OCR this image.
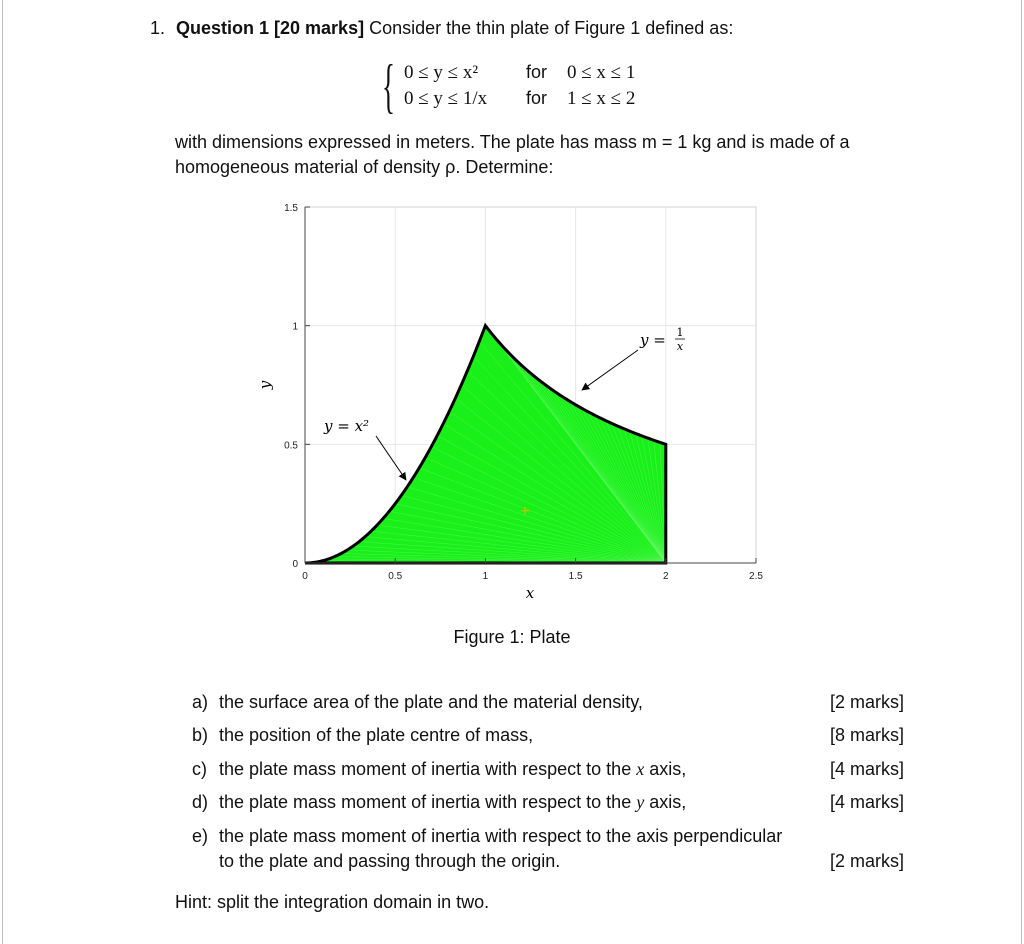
1. Question 1 [20 marks] Consider the thin plate of Figure 1 defined as:
{ 0 ≤ y ≤ x²	for 0 ≤ x ≤ 1
0 ≤ y ≤ 1/x for 1 ≤ x ≤ 2

with dimensions expressed in meters. The plate has mass m = 1 kg and is made of a

homogeneous material of density ρ. Determine:

0	0.5	1	1.5	2	2.5
0
0.5
1
1.5
x
y
y = x²
y = 1
x
Figure 1: Plate
a) the surface area of the plate and the material density,	[2 marks]
b) the position of the plate centre of mass,	[8 marks]
c) the plate mass moment of inertia with respect to the x axis,	[4 marks]
d) the plate mass moment of inertia with respect to the y axis,	[4 marks]
e) the plate mass moment of inertia with respect to the axis perpendicular
to the plate and passing through the origin.	[2 marks]
Hint: split the integration domain in two.
